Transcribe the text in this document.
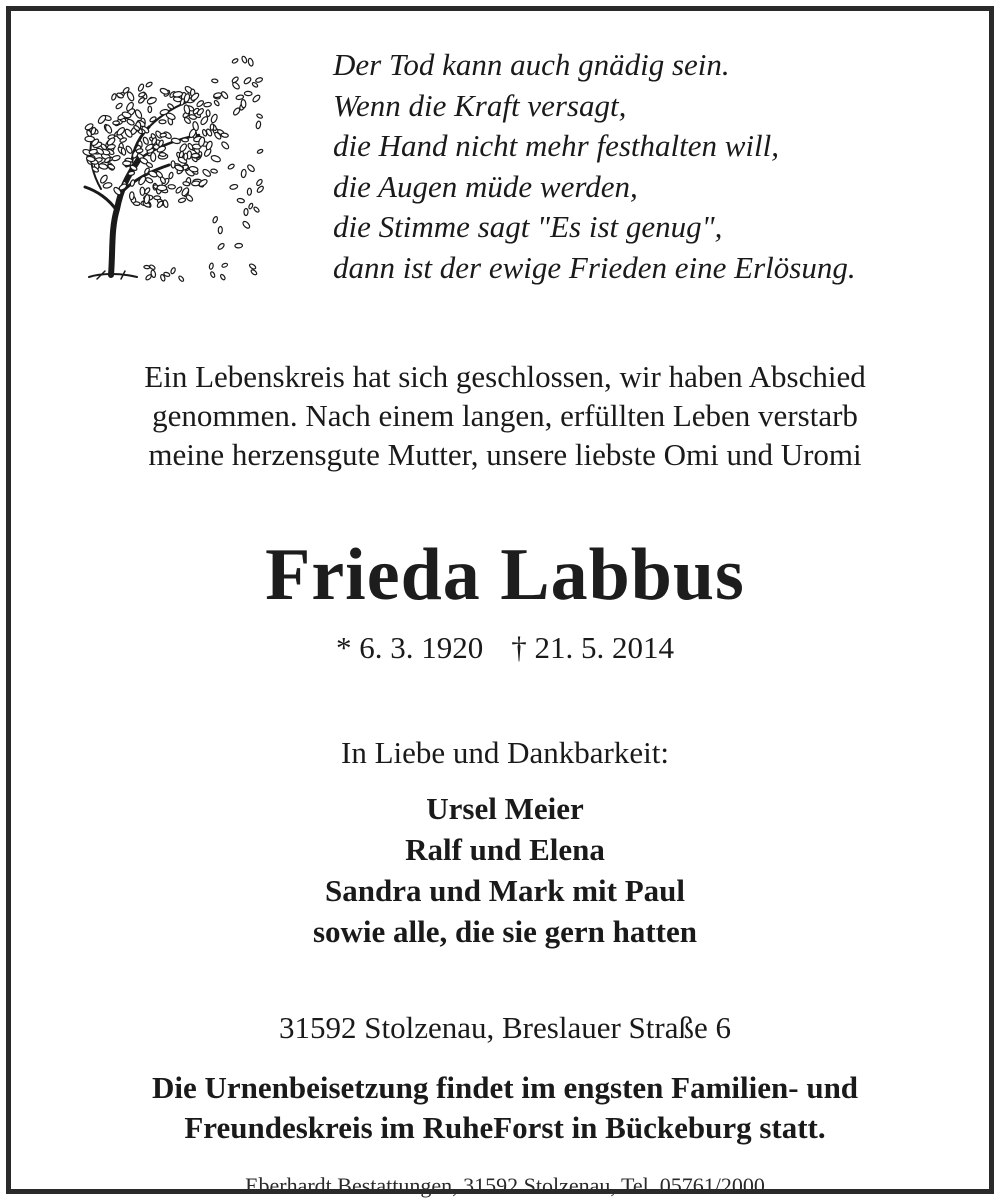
Der Tod kann auch gnädig sein.
Wenn die Kraft versagt,
die Hand nicht mehr festhalten will,
die Augen müde werden,
die Stimme sagt "Es ist genug",
dann ist der ewige Frieden eine Erlösung.
Ein Lebenskreis hat sich geschlossen, wir haben Abschied
genommen. Nach einem langen, erfüllten Leben verstarb
meine herzensgute Mutter, unsere liebste Omi und Uromi
Frieda Labbus
* 6. 3. 1920 † 21. 5. 2014
In Liebe und Dankbarkeit:
Ursel Meier
Ralf und Elena
Sandra und Mark mit Paul
sowie alle, die sie gern hatten
31592 Stolzenau, Breslauer Straße 6
Die Urnenbeisetzung findet im engsten Familien- und
Freundeskreis im RuheForst in Bückeburg statt.
Eberhardt Bestattungen, 31592 Stolzenau, Tel. 05761/2000
